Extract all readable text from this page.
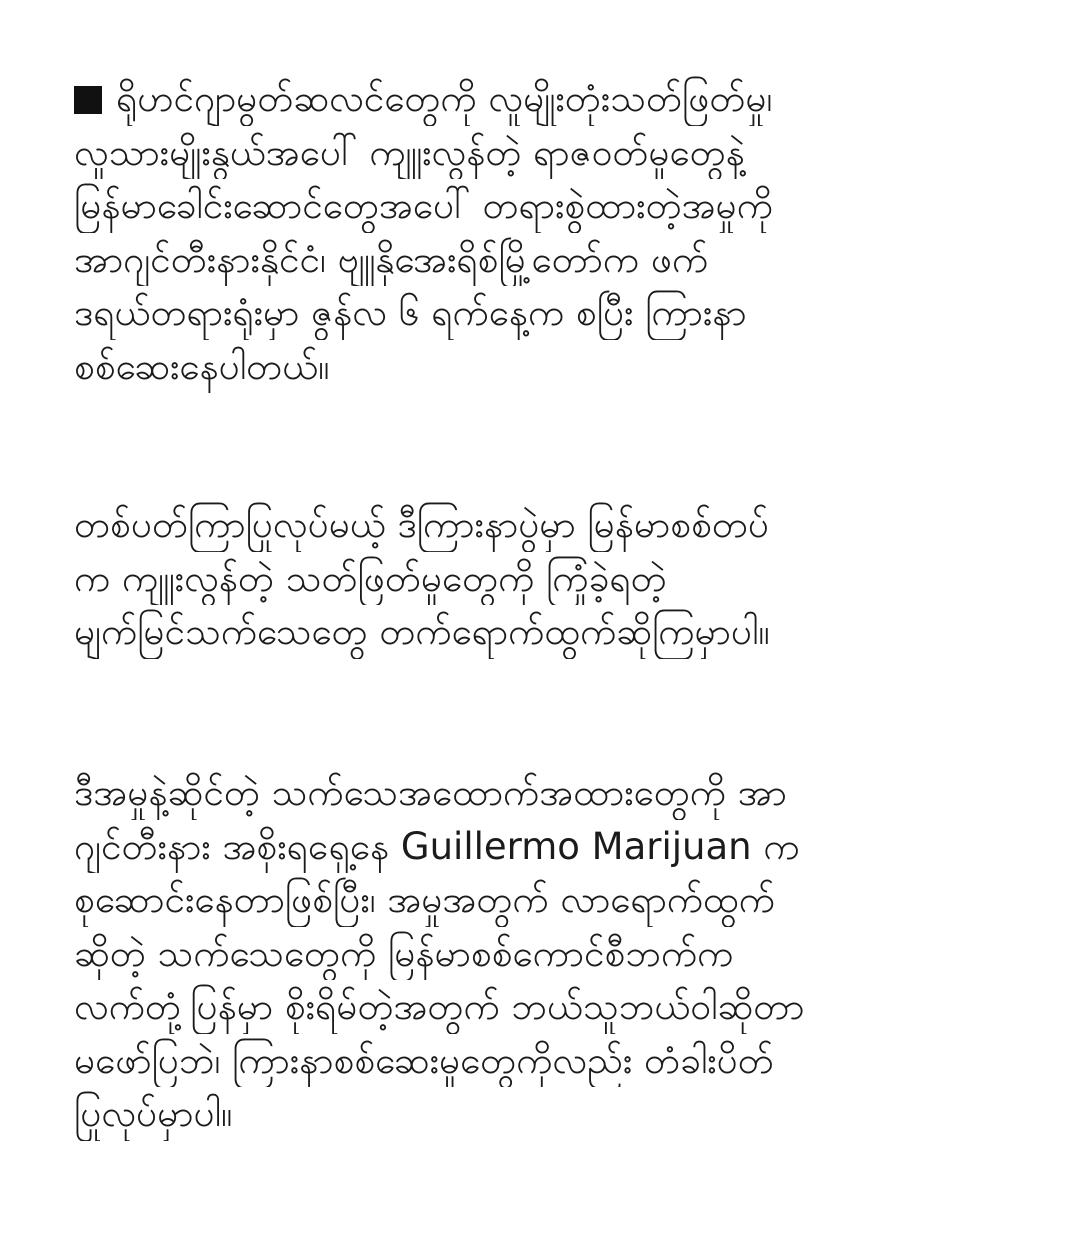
ရိုဟင်ဂျာမွတ်ဆလင်တွေကို လူမျိုးတုံးသတ်ဖြတ်မှု၊
လူသားမျိုးနွယ်အပေါ် ကျူးလွန်တဲ့ ရာဇဝတ်မှုတွေနဲ့
မြန်မာခေါင်းဆောင်တွေအပေါ် တရားစွဲထားတဲ့အမှုကို
အာဂျင်တီးနားနိုင်ငံ၊ ဗျူနိုအေးရိစ်မြို့တော်က ဖက်
ဒရယ်တရားရုံးမှာ ဇွန်လ ၆ ရက်နေ့က စပြီး ကြားနာ
စစ်ဆေးနေပါတယ်။
တစ်ပတ်ကြာပြုလုပ်မယ့် ဒီကြားနာပွဲမှာ မြန်မာစစ်တပ်
က ကျူးလွန်တဲ့ သတ်ဖြတ်မှုတွေကို ကြုံခဲ့ရတဲ့
မျက်မြင်သက်သေတွေ တက်ရောက်ထွက်ဆိုကြမှာပါ။
ဒီအမှုနဲ့ဆိုင်တဲ့ သက်သေအထောက်အထားတွေကို အာ
ဂျင်တီးနား အစိုးရရှေ့နေ Guillermo Marijuan က
စုဆောင်းနေတာဖြစ်ပြီး၊ အမှုအတွက် လာရောက်ထွက်
ဆိုတဲ့ သက်သေတွေကို မြန်မာစစ်ကောင်စီဘက်က
လက်တုံ့ပြန်မှာ စိုးရိမ်တဲ့အတွက် ဘယ်သူဘယ်ဝါဆိုတာ
မဖော်ပြဘဲ၊ ကြားနာစစ်ဆေးမှုတွေကိုလည်း တံခါးပိတ်
ပြုလုပ်မှာပါ။
